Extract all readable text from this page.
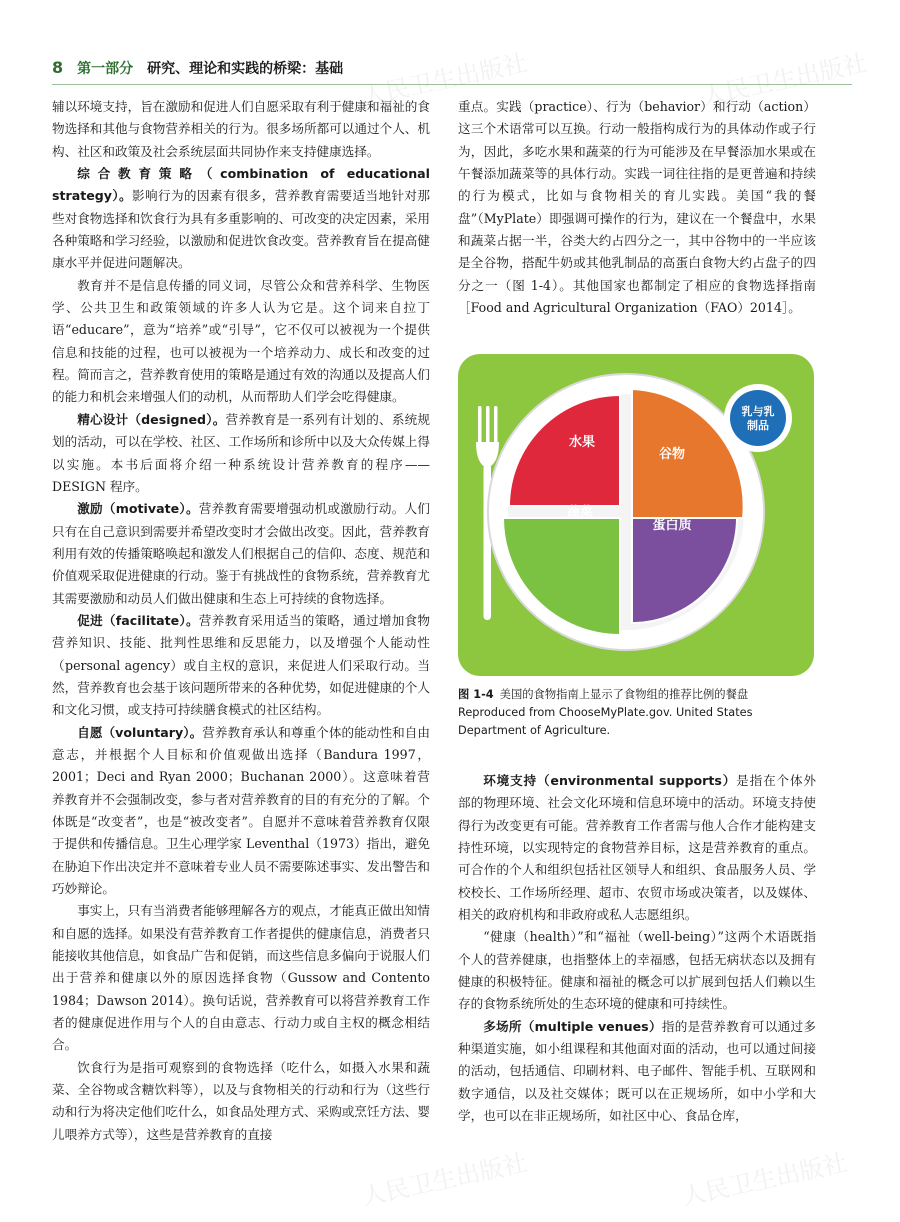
人民卫生出版社	人民卫生出版社
人民卫生出版社	人民卫生出版社
8 第一部分 研究、理论和实践的桥梁：基础

辅以环境支持，旨在激励和促进人们自愿采取有利于健康和福祉的食物选择和其他与食物营养相关的行为。很多场所都可以通过个人、机构、社区和政策及社会系统层面共同协作来支持健康选择。

综合教育策略（combination of educational strategy）。影响行为的因素有很多，营养教育需要适当地针对那些对食物选择和饮食行为具有多重影响的、可改变的决定因素，采用各种策略和学习经验，以激励和促进饮食改变。营养教育旨在提高健康水平并促进问题解决。

教育并不是信息传播的同义词，尽管公众和营养科学、生物医学、公共卫生和政策领域的许多人认为它是。这个词来自拉丁语“educare”，意为“培养”或“引导”，它不仅可以被视为一个提供信息和技能的过程，也可以被视为一个培养动力、成长和改变的过程。简而言之，营养教育使用的策略是通过有效的沟通以及提高人们的能力和机会来增强人们的动机，从而帮助人们学会吃得健康。

精心设计（designed）。营养教育是一系列有计划的、系统规划的活动，可以在学校、社区、工作场所和诊所中以及大众传媒上得以实施。本书后面将介绍一种系统设计营养教育的程序——DESIGN 程序。

激励（motivate）。营养教育需要增强动机或激励行动。人们只有在自己意识到需要并希望改变时才会做出改变。因此，营养教育利用有效的传播策略唤起和激发人们根据自己的信仰、态度、规范和价值观采取促进健康的行动。鉴于有挑战性的食物系统，营养教育尤其需要激励和动员人们做出健康和生态上可持续的食物选择。

促进（facilitate）。营养教育采用适当的策略，通过增加食物营养知识、技能、批判性思维和反思能力，以及增强个人能动性（personal agency）或自主权的意识，来促进人们采取行动。当然，营养教育也会基于该问题所带来的各种优势，如促进健康的个人和文化习惯，或支持可持续膳食模式的社区结构。

自愿（voluntary）。营养教育承认和尊重个体的能动性和自由意志，并根据个人目标和价值观做出选择（Bandura 1997，2001；Deci and Ryan 2000；Buchanan 2000）。这意味着营养教育并不会强制改变，参与者对营养教育的目的有充分的了解。个体既是“改变者”，也是“被改变者”。自愿并不意味着营养教育仅限于提供和传播信息。卫生心理学家 Leventhal（1973）指出，避免在胁迫下作出决定并不意味着专业人员不需要陈述事实、发出警告和巧妙辩论。

事实上，只有当消费者能够理解各方的观点，才能真正做出知情和自愿的选择。如果没有营养教育工作者提供的健康信息，消费者只能接收其他信息，如食品广告和促销，而这些信息多偏向于说服人们出于营养和健康以外的原因选择食物（Gussow and Contento 1984；Dawson 2014）。换句话说，营养教育可以将营养教育工作者的健康促进作用与个人的自由意志、行动力或自主权的概念相结合。

饮食行为是指可观察到的食物选择（吃什么，如摄入水果和蔬菜、全谷物或含糖饮料等），以及与食物相关的行动和行为（这些行动和行为将决定他们吃什么，如食品处理方式、采购或烹饪方法、婴儿喂养方式等），这些是营养教育的直接

重点。实践（practice）、行为（behavior）和行动（action）这三个术语常可以互换。行动一般指构成行为的具体动作或子行为，因此，多吃水果和蔬菜的行为可能涉及在早餐添加水果或在午餐添加蔬菜等的具体行动。实践一词往往指的是更普遍和持续的行为模式，比如与食物相关的育儿实践。美国“我的餐盘”（MyPlate）即强调可操作的行为，建议在一个餐盘中，水果和蔬菜占据一半，谷类大约占四分之一，其中谷物中的一半应该是全谷物，搭配牛奶或其他乳制品的高蛋白食物大约占盘子的四分之一（图 1-4）。其他国家也都制定了相应的食物选择指南［Food and Agricultural Organization（FAO）2014］。

水果
谷物
蔬菜
蛋白质
乳与乳
制品
图 1-4 美国的食物指南上显示了食物组的推荐比例的餐盘
Reproduced from ChooseMyPlate.gov. United States Department of Agriculture.

环境支持（environmental supports）是指在个体外部的物理环境、社会文化环境和信息环境中的活动。环境支持使得行为改变更有可能。营养教育工作者需与他人合作才能构建支持性环境，以实现特定的食物营养目标，这是营养教育的重点。可合作的个人和组织包括社区领导人和组织、食品服务人员、学校校长、工作场所经理、超市、农贸市场或决策者，以及媒体、相关的政府机构和非政府或私人志愿组织。

“健康（health）”和“福祉（well-being）”这两个术语既指个人的营养健康，也指整体上的幸福感，包括无病状态以及拥有健康的积极特征。健康和福祉的概念可以扩展到包括人们赖以生存的食物系统所处的生态环境的健康和可持续性。

多场所（multiple venues）指的是营养教育可以通过多种渠道实施，如小组课程和其他面对面的活动，也可以通过间接的活动，包括通信、印刷材料、电子邮件、智能手机、互联网和数字通信，以及社交媒体；既可以在正规场所，如中小学和大学，也可以在非正规场所，如社区中心、食品仓库，
